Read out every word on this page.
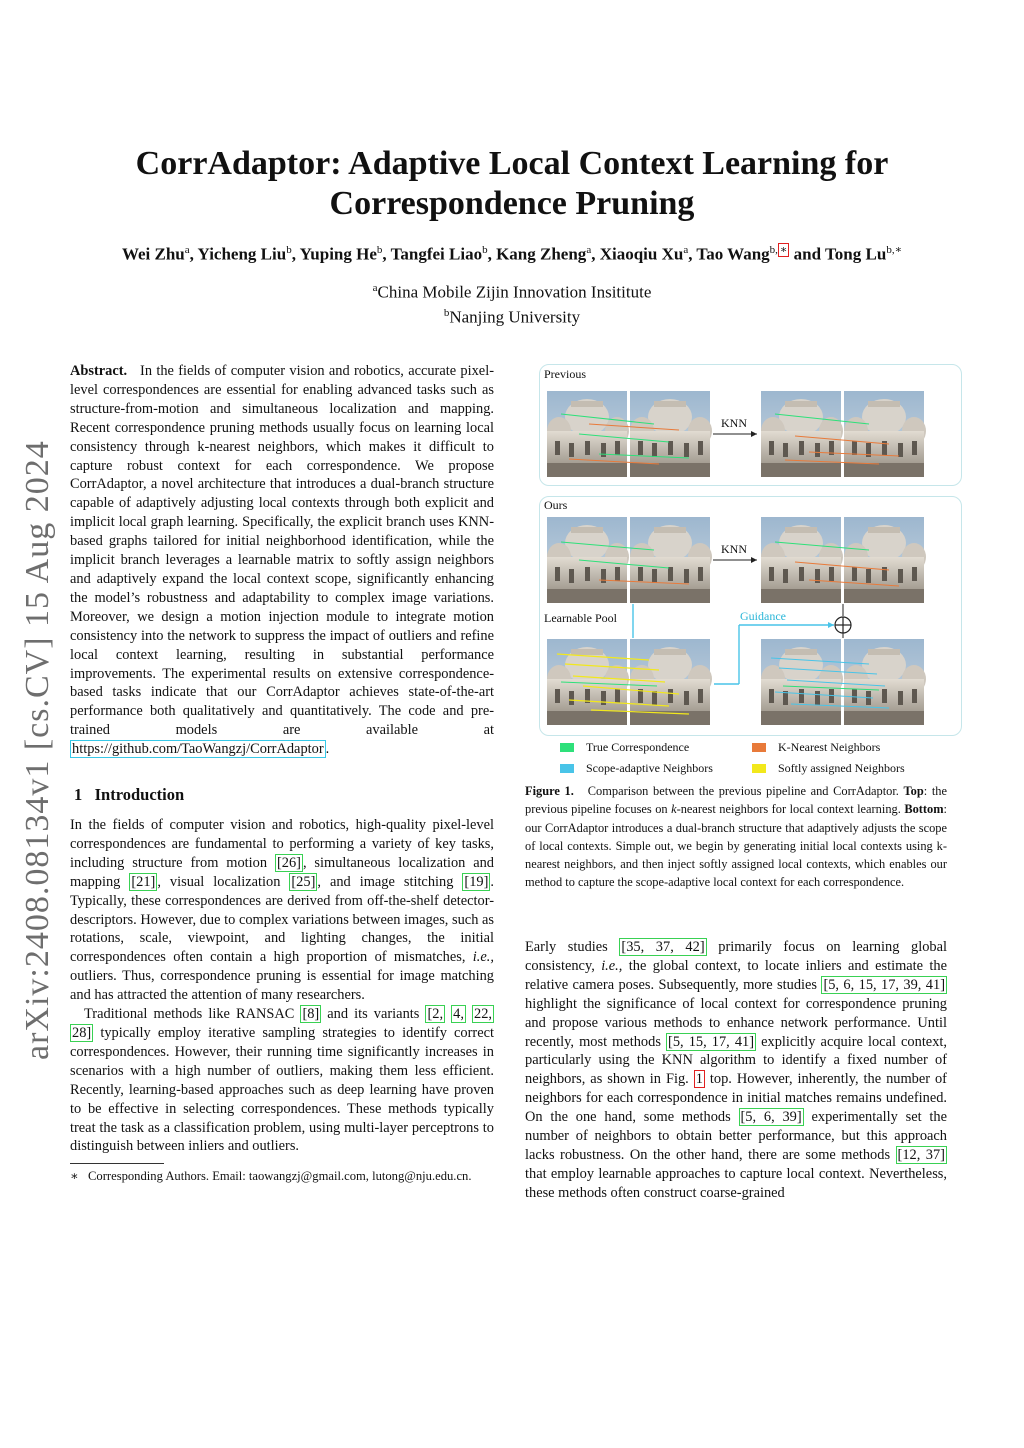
CorrAdaptor: Adaptive Local Context Learning for
Correspondence Pruning
Wei Zhu$^a$, Yicheng Liu$^b$, Yuping He$^b$, Tangfei Liao$^b$, Kang Zheng$^a$, Xiaoqiu Xu$^a$, Tao Wang$^{b,}$ ∗ and Tong $Lu^{b,∗}$
$^a$China Mobile Zijin Innovation Insititute
$^b$Nanjing University
arXiv:2408.08134v1 [cs.CV] 15 Aug 2024

Abstract. In the fields of computer vision and robotics, accurate pixel-level correspondences are essential for enabling advanced tasks such as structure-from-motion and simultaneous localization and mapping. Recent correspondence pruning methods usually focus on learning local consistency through k-nearest neighbors, which makes it difficult to capture robust context for each correspondence. We propose CorrAdaptor, a novel architecture that introduces a dual-branch structure capable of adaptively adjusting local contexts through both explicit and implicit local graph learning. Specifically, the explicit branch uses KNN-based graphs tailored for initial neighborhood identification, while the implicit branch leverages a learnable matrix to softly assign neighbors and adaptively expand the local context scope, significantly enhancing the model’s robustness and adaptability to complex image variations. Moreover, we design a motion injection module to integrate motion consistency into the network to suppress the impact of outliers and refine local context learning, resulting in substantial performance improvements. The experimental results on extensive correspondence-based tasks indicate that our CorrAdaptor achieves state-of-the-art performance both qualitatively and quantitatively. The code and pre-trained models are available at https://github.com/TaoWangzj/CorrAdaptor .

1 Introduction

In the fields of computer vision and robotics, high-quality pixel-level correspondences are fundamental to performing a variety of key tasks, including structure from motion [26] , simultaneous localization and mapping [21] , visual localization [25] , and image stitching [19] . Typically, these correspondences are derived from off-the-shelf detector-descriptors. However, due to complex variations between images, such as rotations, scale, viewpoint, and lighting changes, the initial correspondences often contain a high proportion of mismatches, i.e., outliers. Thus, correspondence pruning is essential for image matching and has attracted the attention of many researchers.

Traditional methods like RANSAC [8] and its variants [2, 4, 22, 28] typically employ iterative sampling strategies to identify correct correspondences. However, their running time significantly increases in scenarios with a high number of outliers, making them less efficient. Recently, learning-based approaches such as deep learning have proven to be effective in selecting correspondences. These methods typically treat the task as a classification problem, using multi-layer perceptrons to distinguish between inliers and outliers.

∗ Corresponding Authors. Email: taowangzj@gmail.com, lutong@nju.edu.cn.
Previous
Ours
KNN
KNN
Learnable Pool	Guidance
True Correspondence	K-Nearest Neighbors
Scope-adaptive Neighbors	Softly assigned Neighbors
Figure 1. Comparison between the previous pipeline and CorrAdaptor. Top: the previous pipeline focuses on k-nearest neighbors for local context learning. Bottom: our CorrAdaptor introduces a dual-branch structure that adaptively adjusts the scope of local contexts. Simple out, we begin by generating initial local contexts using k-nearest neighbors, and then inject softly assigned local contexts, which enables our method to capture the scope-adaptive local context for each correspondence.

Early studies [35, 37, 42] primarily focus on learning global consistency, i.e., the global context, to locate inliers and estimate the relative camera poses. Subsequently, more studies [5, 6, 15, 17, 39, 41] highlight the significance of local context for correspondence pruning and propose various methods to enhance network performance. Until recently, most methods [5, 15, 17, 41] explicitly acquire local context, particularly using the KNN algorithm to identify a fixed number of neighbors, as shown in Fig. 1 top. However, inherently, the number of neighbors for each correspondence in initial matches remains undefined. On the one hand, some methods [5, 6, 39] experimentally set the number of neighbors to obtain better performance, but this approach lacks robustness. On the other hand, there are some methods [12, 37] that employ learnable approaches to capture local context. Nevertheless, these methods often construct coarse-grained
